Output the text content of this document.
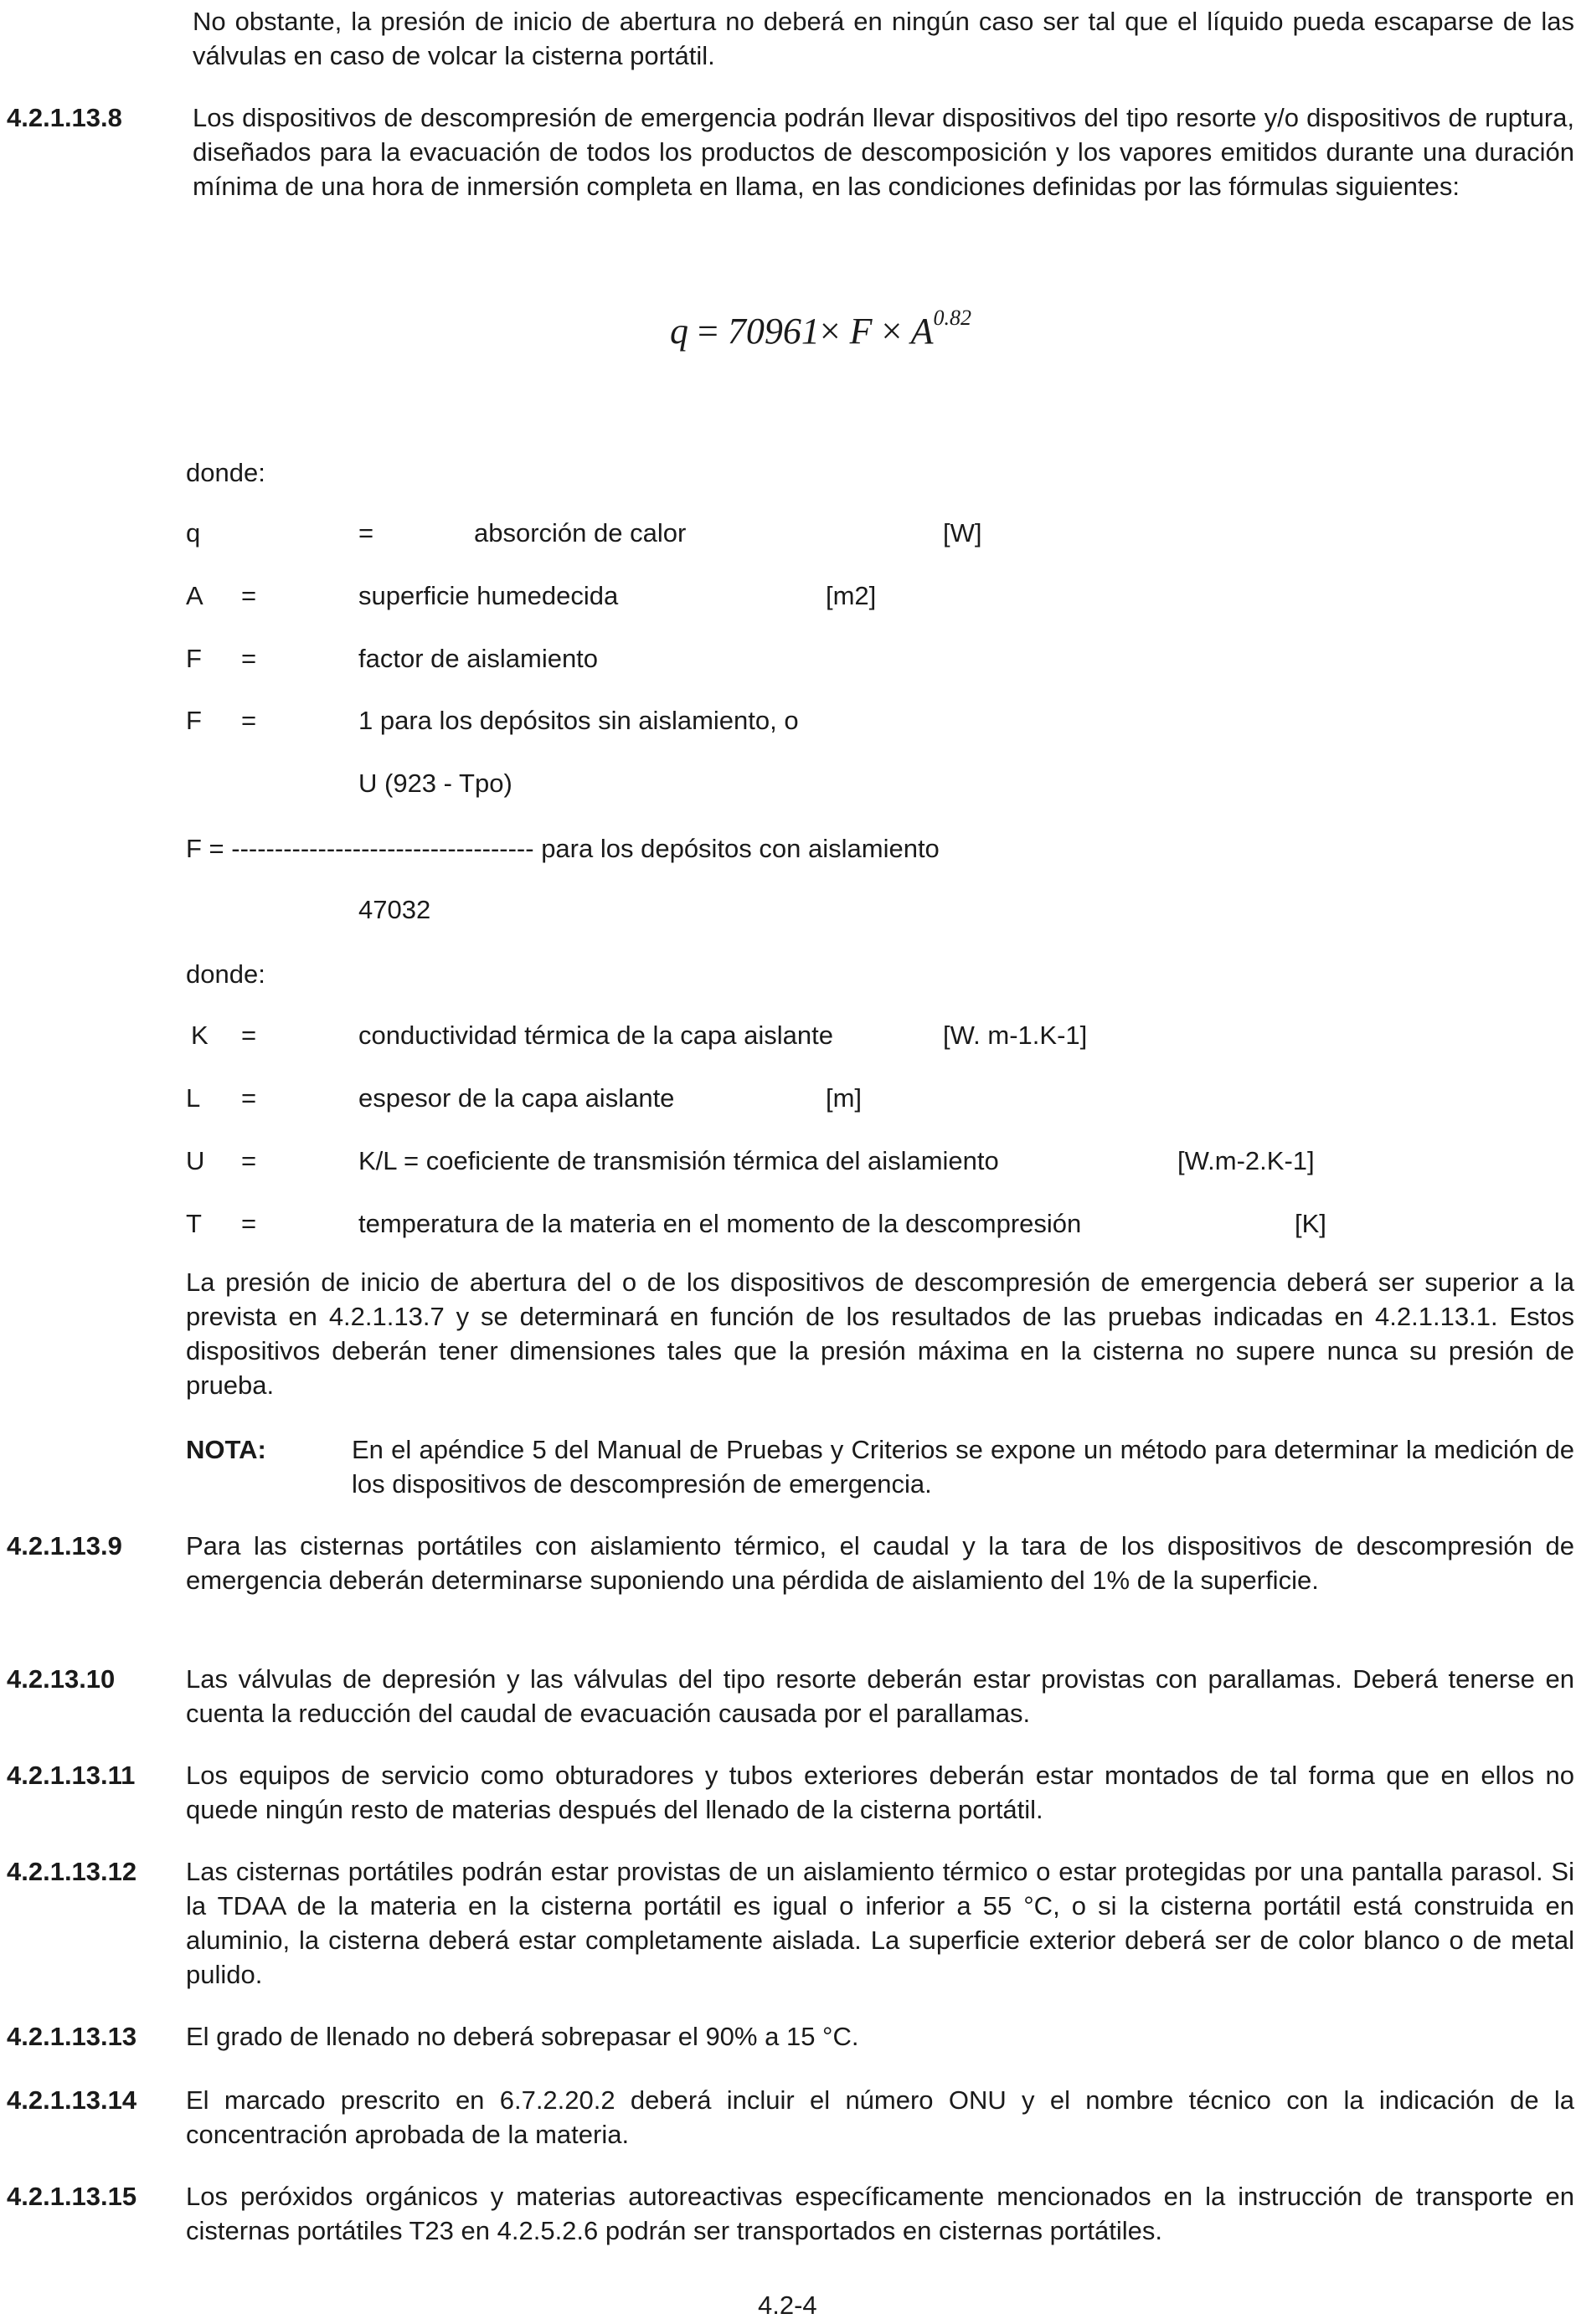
No obstante, la presión de inicio de abertura no deberá en ningún caso ser tal que el líquido pueda escaparse de las válvulas en caso de volcar la cisterna portátil.
4.2.1.13.8	Los dispositivos de descompresión de emergencia podrán llevar dispositivos del tipo resorte y/o dispositivos de ruptura, diseñados para la evacuación de todos los productos de descomposición y los vapores emitidos durante una duración mínima de una hora de inmersión completa en llama, en las condiciones definidas por las fórmulas siguientes:
$q = 70961\times F \times A^{0.82}$
donde:
q	=	absorción de calor	[W]
A =	superficie humedecida	[m2]
F =	factor de aislamiento
F =	1 para los depósitos sin aislamiento, o
U (923 - Tpo)
F = ----------------------------------- para los depósitos con aislamiento
47032
donde:
K =	conductividad térmica de la capa aislante	[W. m-1.K-1]
L =	espesor de la capa aislante	[m]
U =	K/L = coeficiente de transmisión térmica del aislamiento	[W.m-2.K-1]
T =	temperatura de la materia en el momento de la descompresión	[K]
La presión de inicio de abertura del o de los dispositivos de descompresión de emergencia deberá ser superior a la prevista en 4.2.1.13.7 y se determinará en función de los resultados de las pruebas indicadas en 4.2.1.13.1. Estos dispositivos deberán tener dimensiones tales que la presión máxima en la cisterna no supere nunca su presión de prueba.
NOTA:	En el apéndice 5 del Manual de Pruebas y Criterios se expone un método para determinar la medición de los dispositivos de descompresión de emergencia.
4.2.1.13.9 Para las cisternas portátiles con aislamiento térmico, el caudal y la tara de los dispositivos de descompresión de emergencia deberán determinarse suponiendo una pérdida de aislamiento del 1% de la superficie.
4.2.13.10	Las válvulas de depresión y las válvulas del tipo resorte deberán estar provistas con parallamas. Deberá tenerse en cuenta la reducción del caudal de evacuación causada por el parallamas.
4.2.1.13.11 Los equipos de servicio como obturadores y tubos exteriores deberán estar montados de tal forma que en ellos no quede ningún resto de materias después del llenado de la cisterna portátil.
4.2.1.13.12 Las cisternas portátiles podrán estar provistas de un aislamiento térmico o estar protegidas por una pantalla parasol. Si la TDAA de la materia en la cisterna portátil es igual o inferior a 55 °C, o si la cisterna portátil está construida en aluminio, la cisterna deberá estar completamente aislada. La superficie exterior deberá ser de color blanco o de metal pulido.
4.2.1.13.13 El grado de llenado no deberá sobrepasar el 90% a 15 °C.
4.2.1.13.14 El marcado prescrito en 6.7.2.20.2 deberá incluir el número ONU y el nombre técnico con la indicación de la concentración aprobada de la materia.
4.2.1.13.15 Los peróxidos orgánicos y materias autoreactivas específicamente mencionados en la instrucción de transporte en cisternas portátiles T23 en 4.2.5.2.6 podrán ser transportados en cisternas portátiles.
4.2-4
